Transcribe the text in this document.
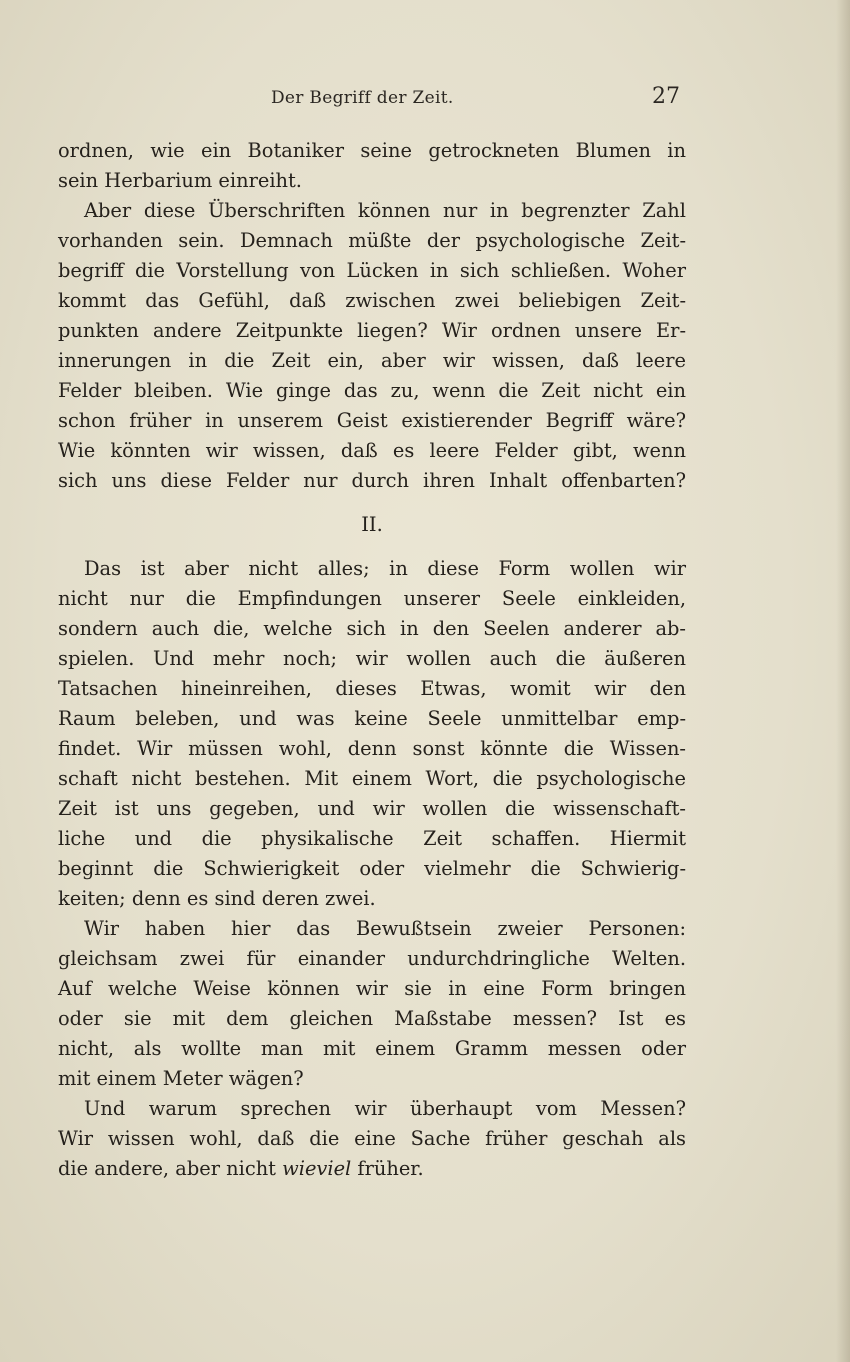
Der Begriff der Zeit.	27
ordnen, wie ein Botaniker seine getrockneten Blumen in
sein Herbarium einreiht.
Aber diese Überschriften können nur in begrenzter Zahl
vorhanden sein. Demnach müßte der psychologische Zeit-
begriff die Vorstellung von Lücken in sich schließen. Woher
kommt das Gefühl, daß zwischen zwei beliebigen Zeit-
punkten andere Zeitpunkte liegen? Wir ordnen unsere Er-
innerungen in die Zeit ein, aber wir wissen, daß leere
Felder bleiben. Wie ginge das zu, wenn die Zeit nicht ein
schon früher in unserem Geist existierender Begriff wäre?
Wie könnten wir wissen, daß es leere Felder gibt, wenn
sich uns diese Felder nur durch ihren Inhalt offenbarten?
II.
Das ist aber nicht alles; in diese Form wollen wir
nicht nur die Empfindungen unserer Seele einkleiden,
sondern auch die, welche sich in den Seelen anderer ab-
spielen. Und mehr noch; wir wollen auch die äußeren
Tatsachen hineinreihen, dieses Etwas, womit wir den
Raum beleben, und was keine Seele unmittelbar emp-
findet. Wir müssen wohl, denn sonst könnte die Wissen-
schaft nicht bestehen. Mit einem Wort, die psychologische
Zeit ist uns gegeben, und wir wollen die wissenschaft-
liche und die physikalische Zeit schaffen. Hiermit
beginnt die Schwierigkeit oder vielmehr die Schwierig-
keiten; denn es sind deren zwei.
Wir haben hier das Bewußtsein zweier Personen:
gleichsam zwei für einander undurchdringliche Welten.
Auf welche Weise können wir sie in eine Form bringen
oder sie mit dem gleichen Maßstabe messen? Ist es
nicht, als wollte man mit einem Gramm messen oder
mit einem Meter wägen?
Und warum sprechen wir überhaupt vom Messen?
Wir wissen wohl, daß die eine Sache früher geschah als
die andere, aber nicht wieviel früher.
